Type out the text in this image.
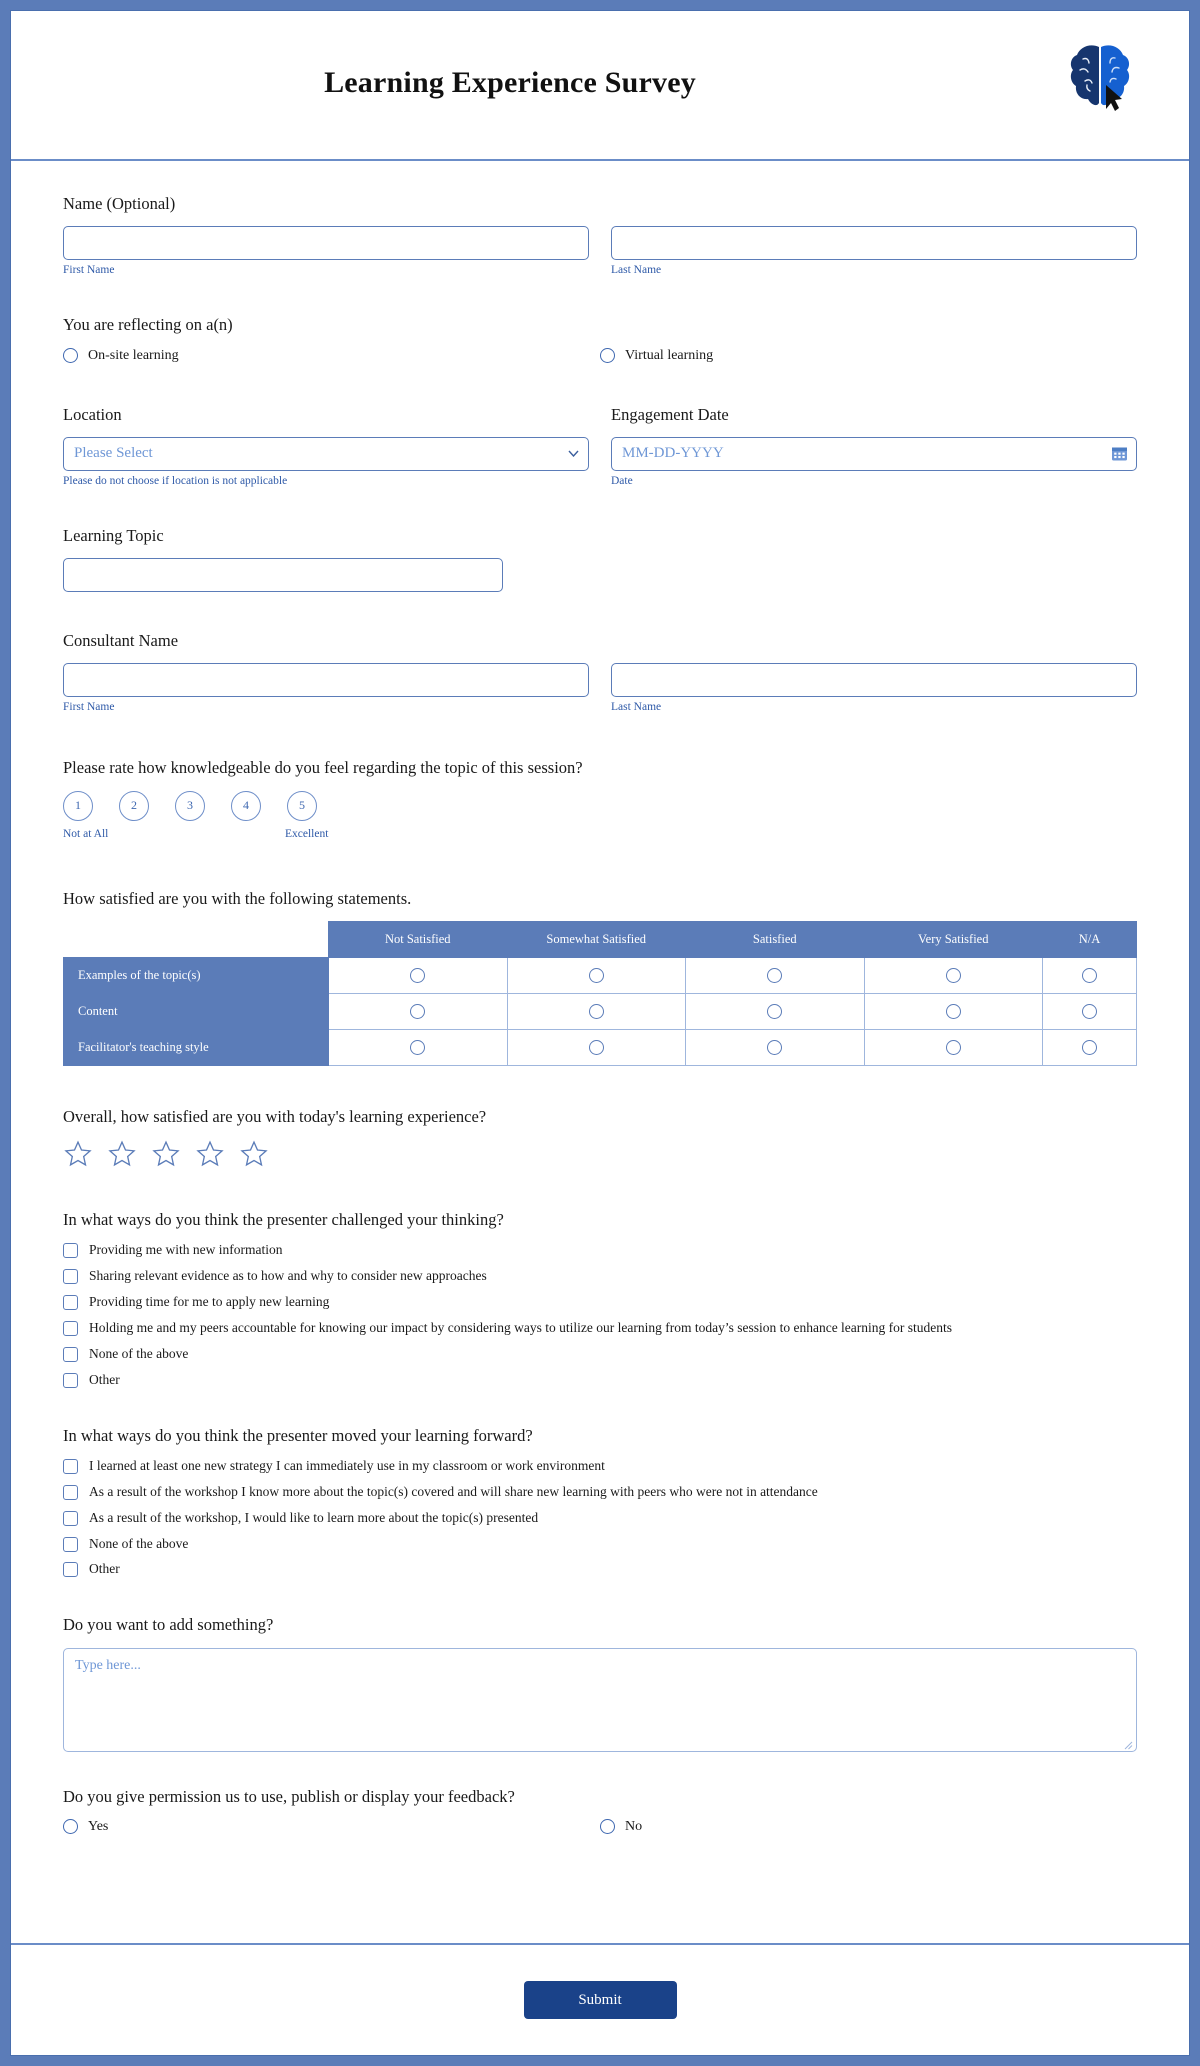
Learning Experience Survey
Name (Optional)
First Name	Last Name
You are reflecting on a(n)
On-site learning	Virtual learning
Location
Please Select
Please do not choose if location is not applicable
Engagement Date
MM-DD-YYYY
Date
Learning Topic
Consultant Name
First Name	Last Name
Please rate how knowledgeable do you feel regarding the topic of this session?
1	2	3	4	5
Not at All	Excellent
How satisfied are you with the following statements.
	Not Satisfied	Somewhat Satisfied	Satisfied	Very Satisfied	N/A
Examples of the topic(s)	

Content	

Facilitator's teaching style	

Overall, how satisfied are you with today's learning experience?
In what ways do you think the presenter challenged your thinking?
Providing me with new information
Sharing relevant evidence as to how and why to consider new approaches
Providing time for me to apply new learning
Holding me and my peers accountable for knowing our impact by considering ways to utilize our learning from today’s session to enhance learning for students
None of the above
Other
In what ways do you think the presenter moved your learning forward?
I learned at least one new strategy I can immediately use in my classroom or work environment
As a result of the workshop I know more about the topic(s) covered and will share new learning with peers who were not in attendance
As a result of the workshop, I would like to learn more about the topic(s) presented
None of the above
Other
Do you want to add something?
Type here...
Do you give permission us to use, publish or display your feedback?
Yes	No
Submit
